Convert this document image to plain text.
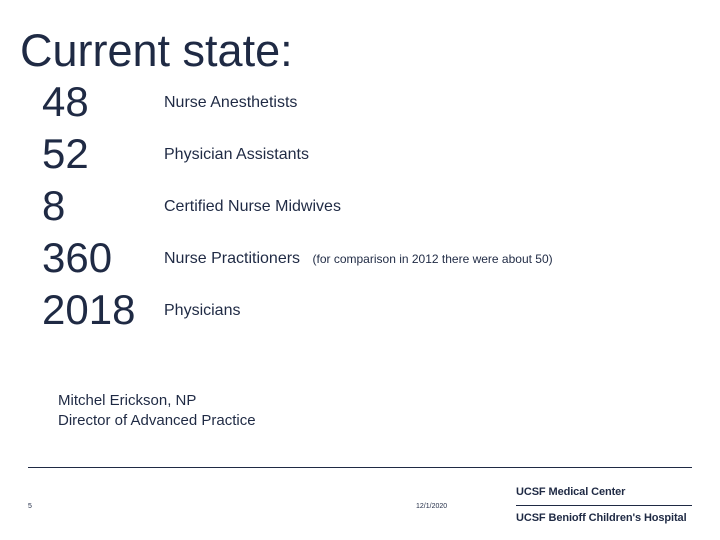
Current state:
48	Nurse Anesthetists
52	Physician Assistants
8	Certified Nurse Midwives
360	Nurse Practitioners (for comparison in 2012 there were about 50)
2018 Physicians
Mitchel Erickson, NP
Director of Advanced Practice
5	12/1/2020
UCSF Medical Center
UCSF Benioff Children's Hospital
